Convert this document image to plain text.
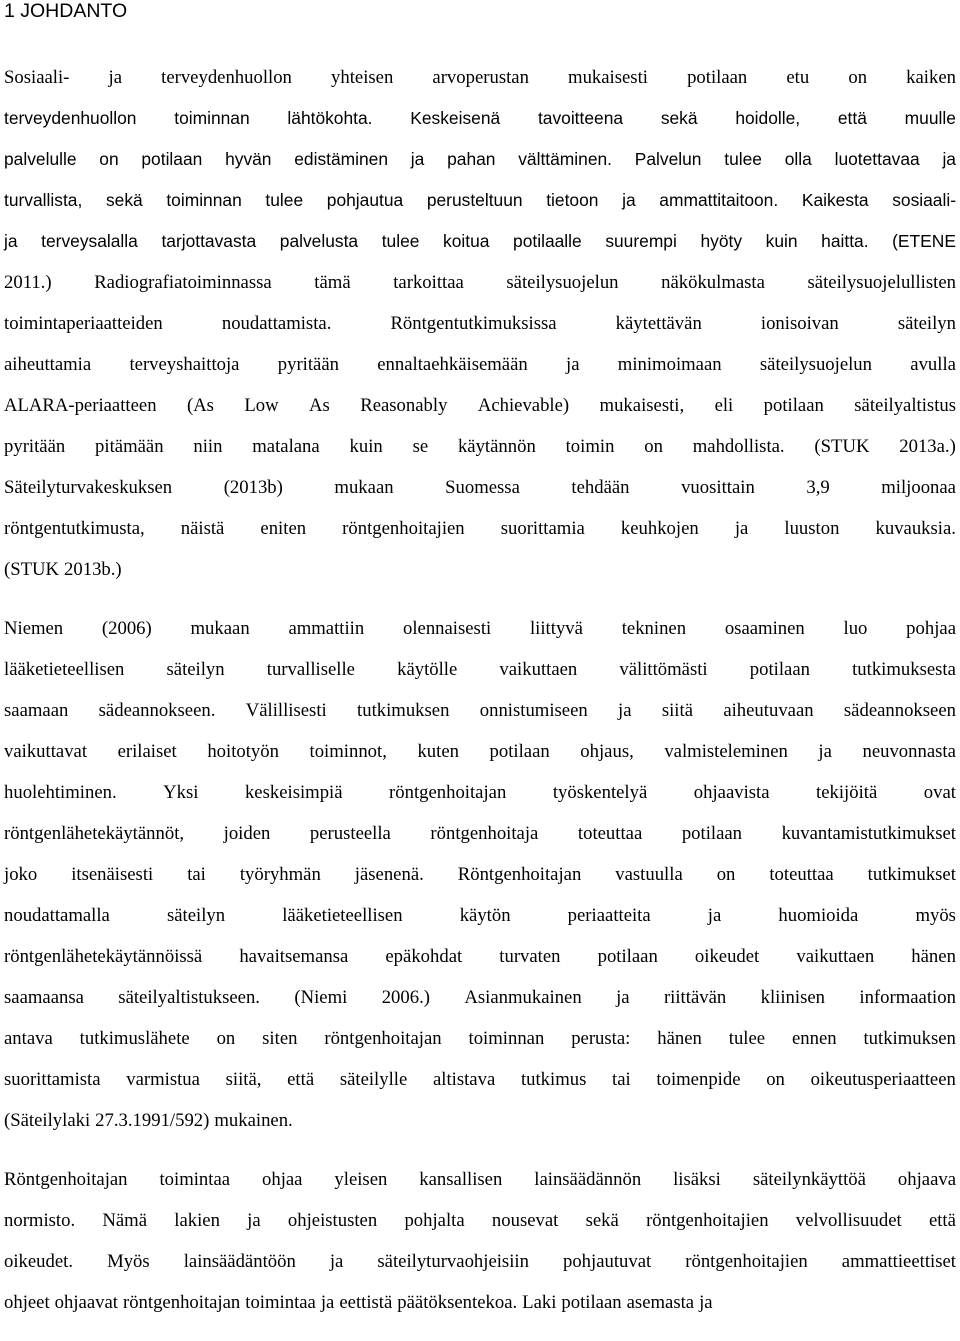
1 JOHDANTO
Sosiaali- ja terveydenhuollon yhteisen arvoperustan mukaisesti potilaan etu on kaiken
terveydenhuollon toiminnan lähtökohta. Keskeisenä tavoitteena sekä hoidolle, että muulle
palvelulle on potilaan hyvän edistäminen ja pahan välttäminen. Palvelun tulee olla luotettavaa ja
turvallista, sekä toiminnan tulee pohjautua perusteltuun tietoon ja ammattitaitoon. Kaikesta sosiaali-
ja terveysalalla tarjottavasta palvelusta tulee koitua potilaalle suurempi hyöty kuin haitta. (ETENE
2011.) Radiografiatoiminnassa tämä tarkoittaa säteilysuojelun näkökulmasta säteilysuojelullisten
toimintaperiaatteiden	noudattamista.	Röntgentutkimuksissa	käytettävän	ionisoivan	säteilyn
aiheuttamia terveyshaittoja pyritään ennaltaehkäisemään ja minimoimaan säteilysuojelun avulla
ALARA-periaatteen (As Low As Reasonably Achievable) mukaisesti, eli potilaan säteilyaltistus
pyritään pitämään niin matalana kuin se käytännön toimin on mahdollista. (STUK 2013a.)
Säteilyturvakeskuksen	(2013b)	mukaan	Suomessa	tehdään	vuosittain	3,9	miljoonaa
röntgentutkimusta, näistä eniten röntgenhoitajien suorittamia keuhkojen ja luuston kuvauksia.
(STUK 2013b.)
Niemen (2006) mukaan ammattiin olennaisesti liittyvä tekninen osaaminen luo pohjaa
lääketieteellisen säteilyn turvalliselle käytölle vaikuttaen välittömästi potilaan tutkimuksesta
saamaan sädeannokseen. Välillisesti tutkimuksen onnistumiseen ja siitä aiheutuvaan sädeannokseen
vaikuttavat erilaiset hoitotyön toiminnot, kuten potilaan ohjaus, valmisteleminen ja neuvonnasta
huolehtiminen. Yksi keskeisimpiä röntgenhoitajan työskentelyä ohjaavista tekijöitä ovat
röntgenlähetekäytännöt, joiden perusteella röntgenhoitaja toteuttaa potilaan kuvantamistutkimukset
joko itsenäisesti tai työryhmän jäsenenä. Röntgenhoitajan vastuulla on toteuttaa tutkimukset
noudattamalla	säteilyn	lääketieteellisen	käytön	periaatteita	ja	huomioida	myös
röntgenlähetekäytännöissä havaitsemansa epäkohdat turvaten potilaan oikeudet vaikuttaen hänen
saamaansa säteilyaltistukseen. (Niemi 2006.) Asianmukainen ja riittävän kliinisen informaation
antava tutkimuslähete on siten röntgenhoitajan toiminnan perusta: hänen tulee ennen tutkimuksen
suorittamista varmistua siitä, että säteilylle altistava tutkimus tai toimenpide on oikeutusperiaatteen
(Säteilylaki 27.3.1991/592) mukainen.
Röntgenhoitajan toimintaa ohjaa yleisen kansallisen lainsäädännön lisäksi säteilynkäyttöä ohjaava
normisto. Nämä lakien ja ohjeistusten pohjalta nousevat sekä röntgenhoitajien velvollisuudet että
oikeudet. Myös lainsäädäntöön ja säteilyturvaohjeisiin pohjautuvat röntgenhoitajien ammattieettiset
ohjeet ohjaavat röntgenhoitajan toimintaa ja eettistä päätöksentekoa. Laki potilaan asemasta ja
